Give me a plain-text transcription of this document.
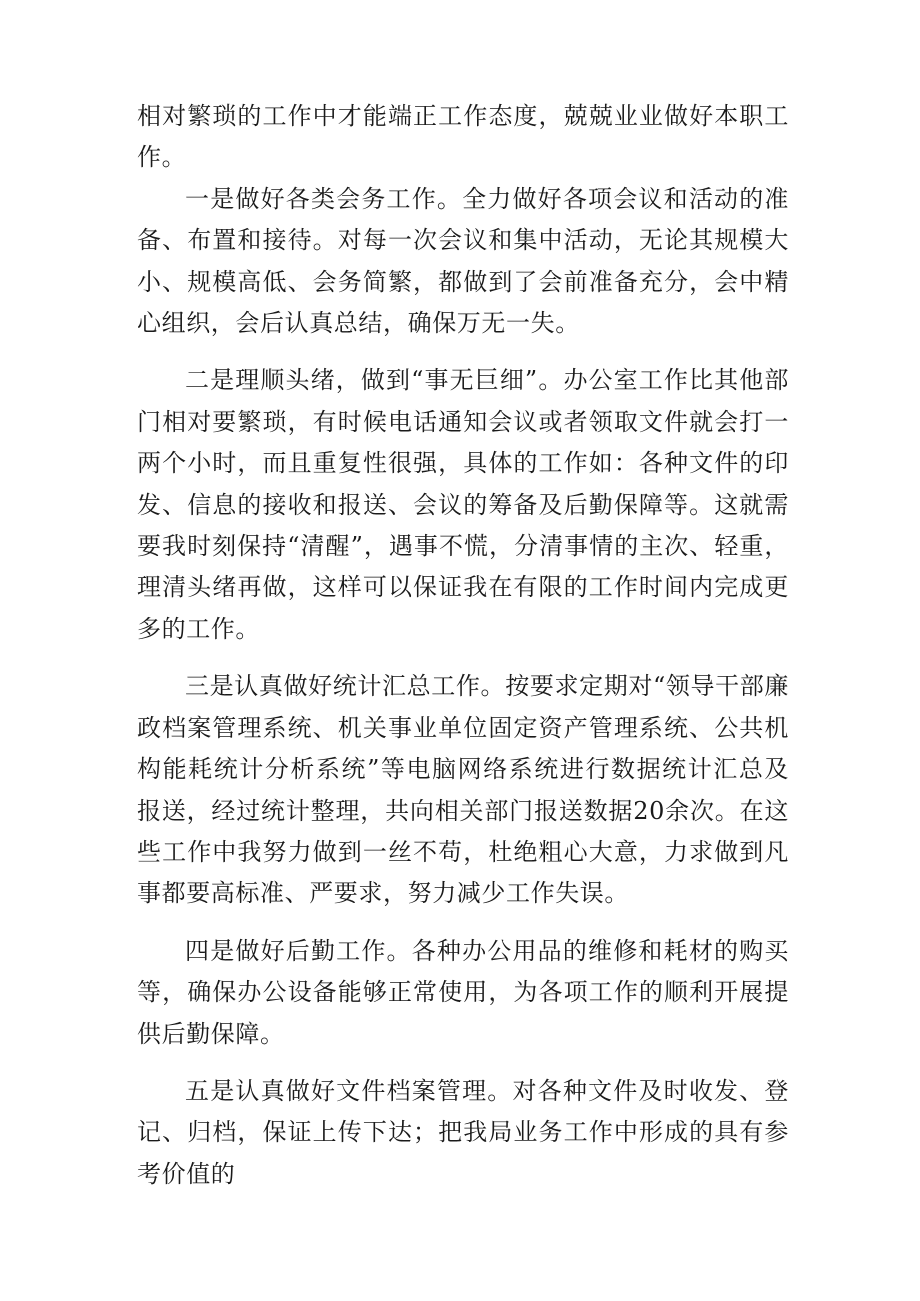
相对繁琐的工作中才能端正工作态度，兢兢业业做好本职工作。

一是做好各类会务工作。全力做好各项会议和活动的准备、布置和接待。对每一次会议和集中活动，无论其规模大小、规模高低、会务简繁，都做到了会前准备充分，会中精心组织，会后认真总结，确保万无一失。

二是理顺头绪，做到“事无巨细”。办公室工作比其他部门相对要繁琐，有时候电话通知会议或者领取文件就会打一两个小时，而且重复性很强，具体的工作如：各种文件的印发、信息的接收和报送、会议的筹备及后勤保障等。这就需要我时刻保持“清醒”，遇事不慌，分清事情的主次、轻重，理清头绪再做，这样可以保证我在有限的工作时间内完成更多的工作。

三是认真做好统计汇总工作。按要求定期对“领导干部廉政档案管理系统、机关事业单位固定资产管理系统、公共机构能耗统计分析系统”等电脑网络系统进行数据统计汇总及报送，经过统计整理，共向相关部门报送数据20余次。在这些工作中我努力做到一丝不苟，杜绝粗心大意，力求做到凡事都要高标准、严要求，努力减少工作失误。

四是做好后勤工作。各种办公用品的维修和耗材的购买等，确保办公设备能够正常使用，为各项工作的顺利开展提供后勤保障。

五是认真做好文件档案管理。对各种文件及时收发、登记、归档，保证上传下达；把我局业务工作中形成的具有参考价值的
